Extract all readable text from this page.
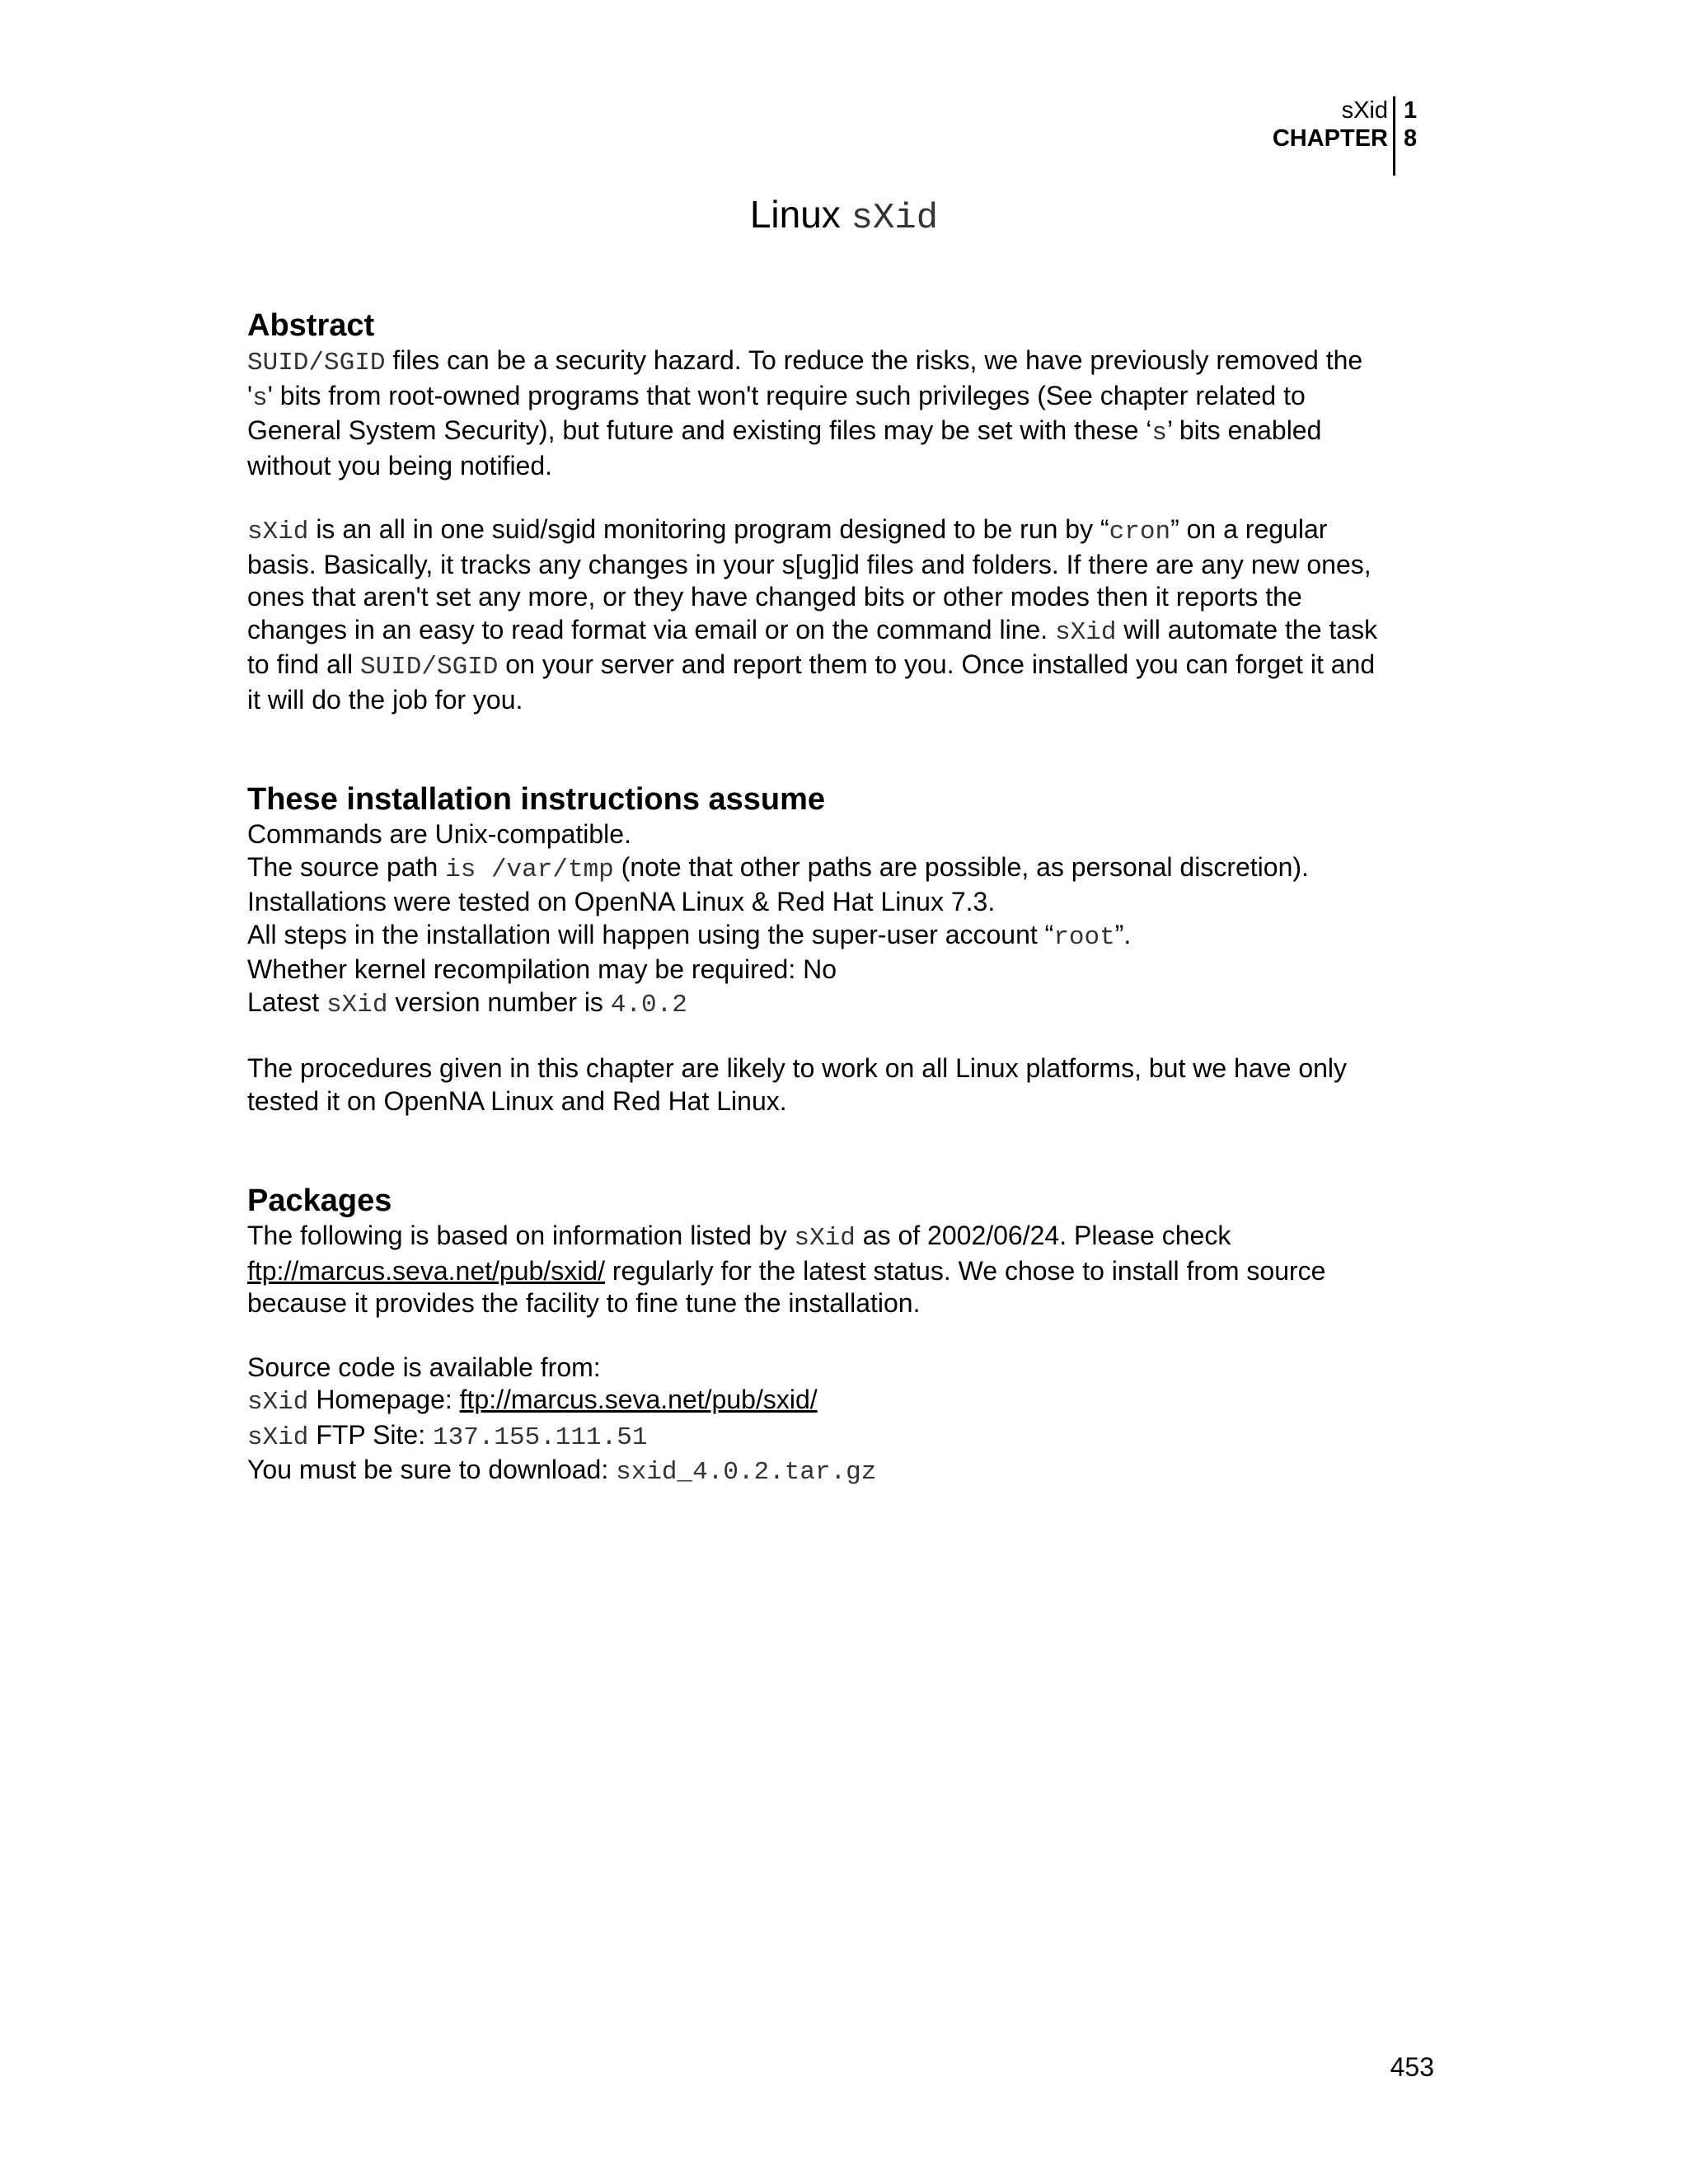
sXid
CHAPTER
1
8
Linux sXid
Abstract

SUID/SGID files can be a security hazard. To reduce the risks, we have previously removed the
's' bits from root-owned programs that won't require such privileges (See chapter related to
General System Security), but future and existing files may be set with these ‘s’ bits enabled
without you being notified.

sXid is an all in one suid/sgid monitoring program designed to be run by “cron” on a regular
basis. Basically, it tracks any changes in your s[ug]id files and folders. If there are any new ones,
ones that aren't set any more, or they have changed bits or other modes then it reports the
changes in an easy to read format via email or on the command line. sXid will automate the task
to find all SUID/SGID on your server and report them to you. Once installed you can forget it and
it will do the job for you.

These installation instructions assume

Commands are Unix-compatible.
The source path is /var/tmp (note that other paths are possible, as personal discretion).
Installations were tested on OpenNA Linux & Red Hat Linux 7.3.
All steps in the installation will happen using the super-user account “root”.
Whether kernel recompilation may be required: No
Latest sXid version number is 4.0.2

The procedures given in this chapter are likely to work on all Linux platforms, but we have only
tested it on OpenNA Linux and Red Hat Linux.

Packages

The following is based on information listed by sXid as of 2002/06/24. Please check
ftp://marcus.seva.net/pub/sxid/ regularly for the latest status. We chose to install from source
because it provides the facility to fine tune the installation.

Source code is available from:
sXid Homepage: ftp://marcus.seva.net/pub/sxid/
sXid FTP Site: 137.155.111.51
You must be sure to download: sxid_4.0.2.tar.gz

453
